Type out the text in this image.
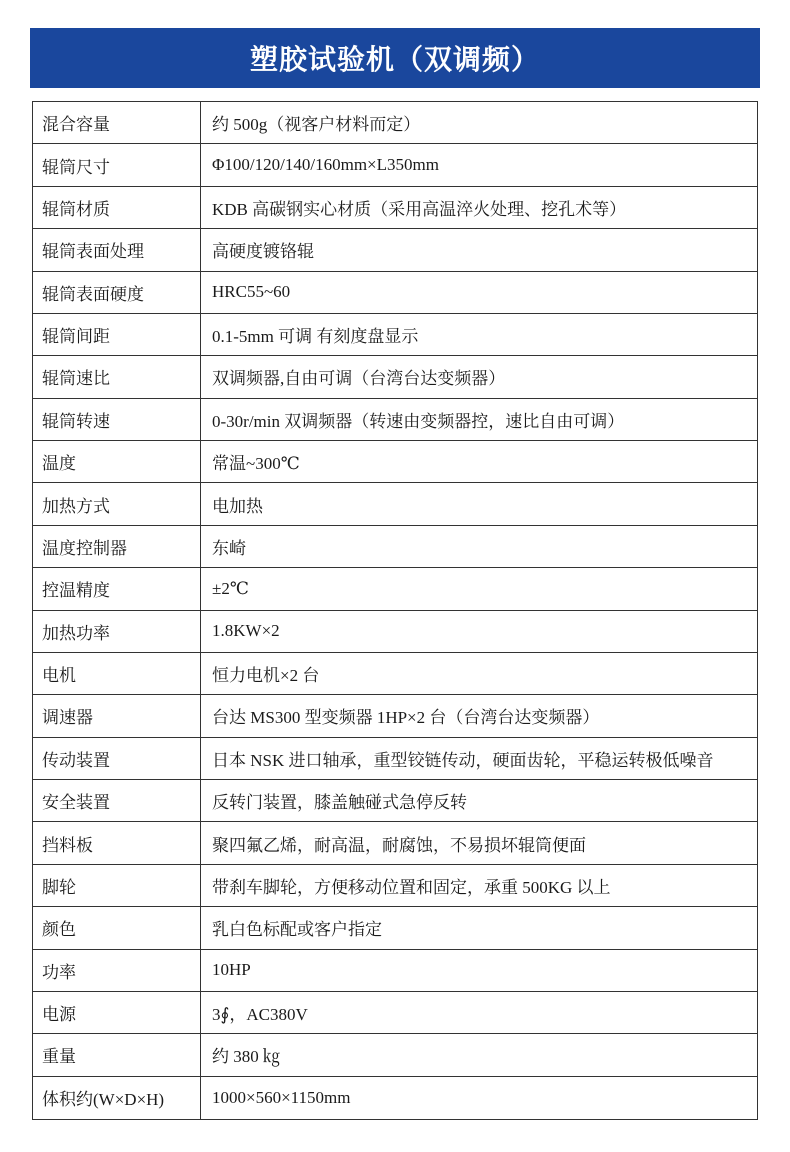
塑胶试验机（双调频）
混合容量	约 500g（视客户材料而定）
辊筒尺寸	Φ100/120/140/160mm×L350mm
辊筒材质	KDB 高碳钢实心材质（采用高温淬火处理、挖孔术等）
辊筒表面处理	高硬度镀铬辊
辊筒表面硬度	HRC55~60
辊筒间距	0.1-5mm 可调 有刻度盘显示
辊筒速比	双调频器,自由可调（台湾台达变频器）
辊筒转速	0-30r/min 双调频器（转速由变频器控，速比自由可调）
温度	常温~300℃
加热方式	电加热
温度控制器	东崎
控温精度	±2℃
加热功率	1.8KW×2
电机	恒力电机×2 台
调速器	台达 MS300 型变频器 1HP×2 台（台湾台达变频器）
传动装置	日本 NSK 进口轴承，重型铰链传动，硬面齿轮，平稳运转极低噪音
安全装置	反转门装置，膝盖触碰式急停反转
挡料板	聚四氟乙烯，耐高温，耐腐蚀，不易损坏辊筒便面
脚轮	带刹车脚轮，方便移动位置和固定，承重 500KG 以上
颜色	乳白色标配或客户指定
功率	10HP
电源	3∮，AC380V
重量	约 380 ㎏
体积约(W×D×H)	1000×560×1150mm
